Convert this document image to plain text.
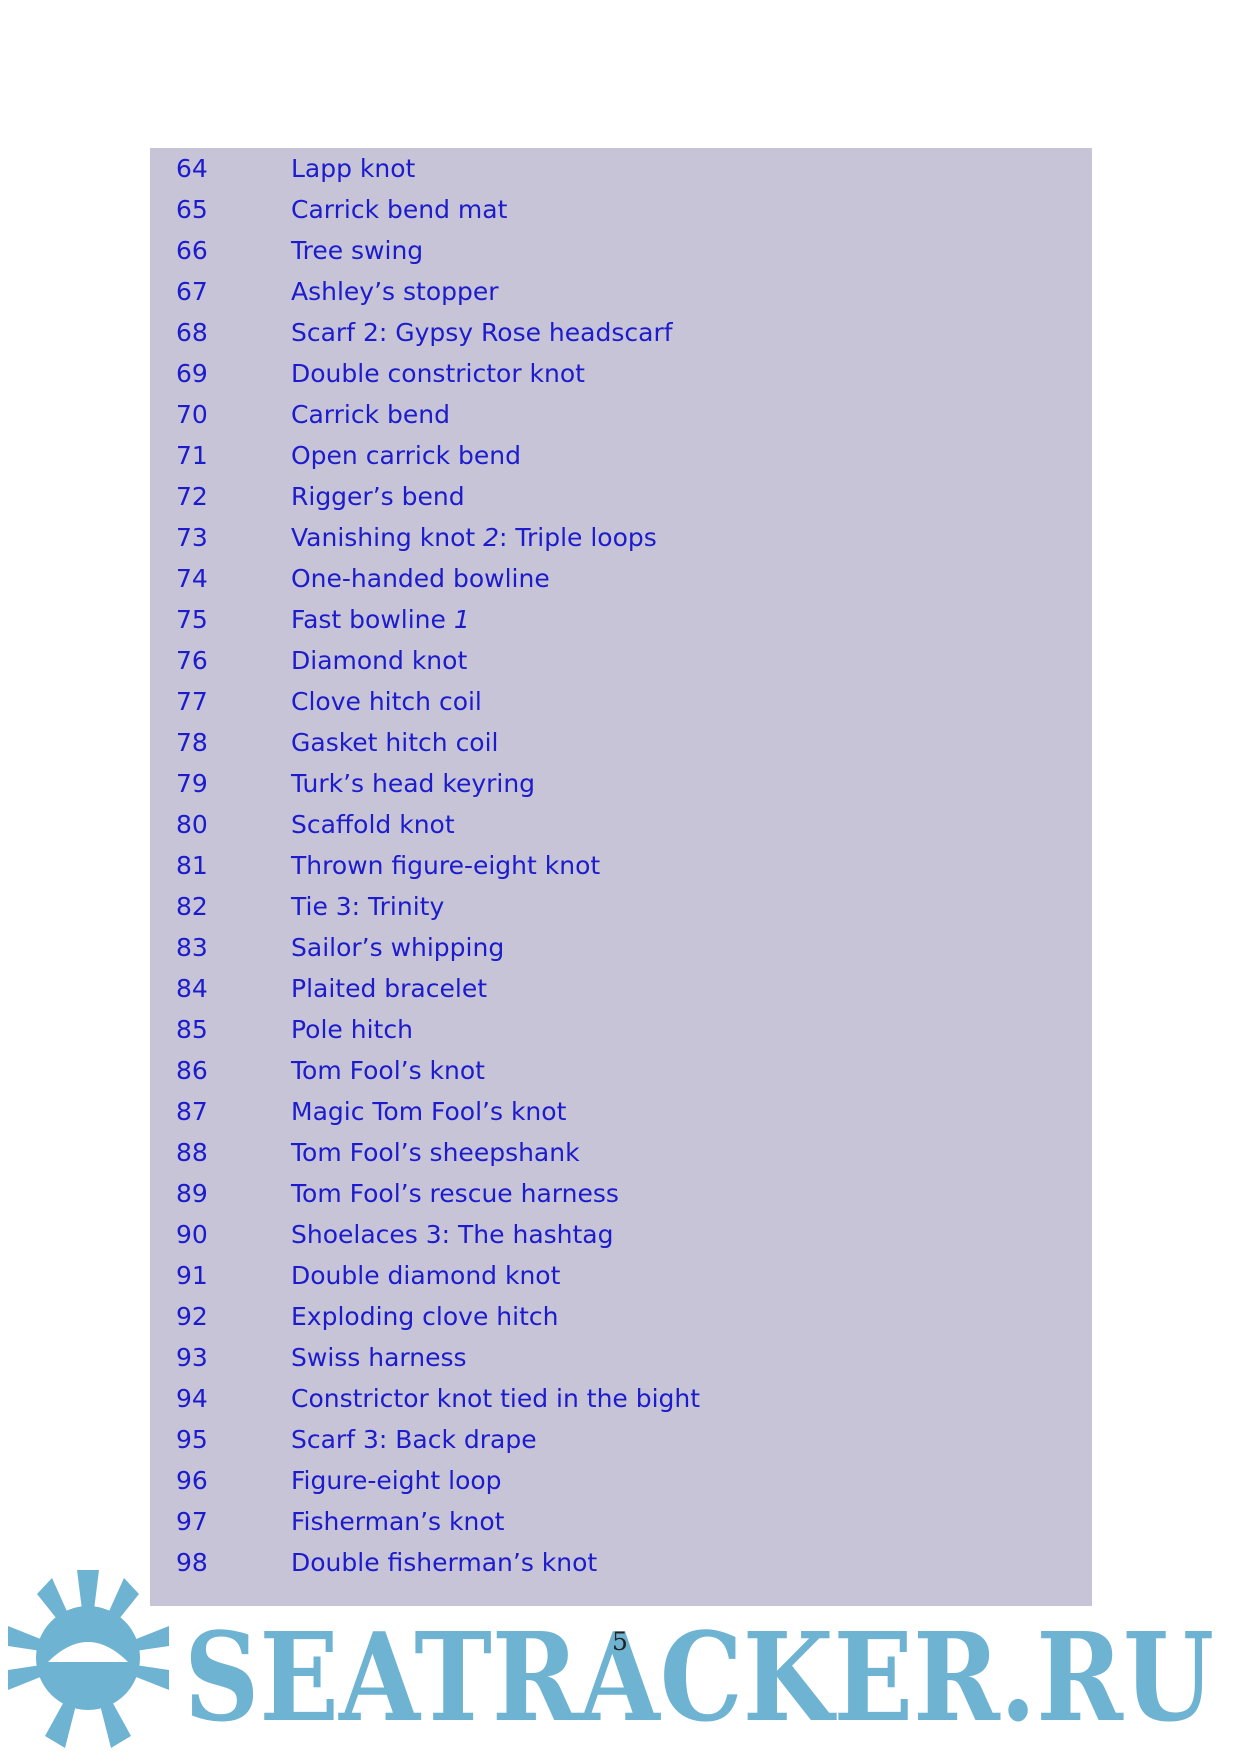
64	Lapp knot
65	Carrick bend mat
66	Tree swing
67	Ashley’s stopper
68	Scarf 2: Gypsy Rose headscarf
69	Double constrictor knot
70	Carrick bend
71	Open carrick bend
72	Rigger’s bend
73	Vanishing knot 2: Triple loops
74	One-handed bowline
75	Fast bowline 1
76	Diamond knot
77	Clove hitch coil
78	Gasket hitch coil
79	Turk’s head keyring
80	Scaffold knot
81	Thrown figure-eight knot
82	Tie 3: Trinity
83	Sailor’s whipping
84	Plaited bracelet
85	Pole hitch
86	Tom Fool’s knot
87	Magic Tom Fool’s knot
88	Tom Fool’s sheepshank
89	Tom Fool’s rescue harness
90	Shoelaces 3: The hashtag
91	Double diamond knot
92	Exploding clove hitch
93	Swiss harness
94	Constrictor knot tied in the bight
95	Scarf 3: Back drape
96	Figure-eight loop
97	Fisherman’s knot
98	Double fisherman’s knot
SEATRACKER.RU
5
